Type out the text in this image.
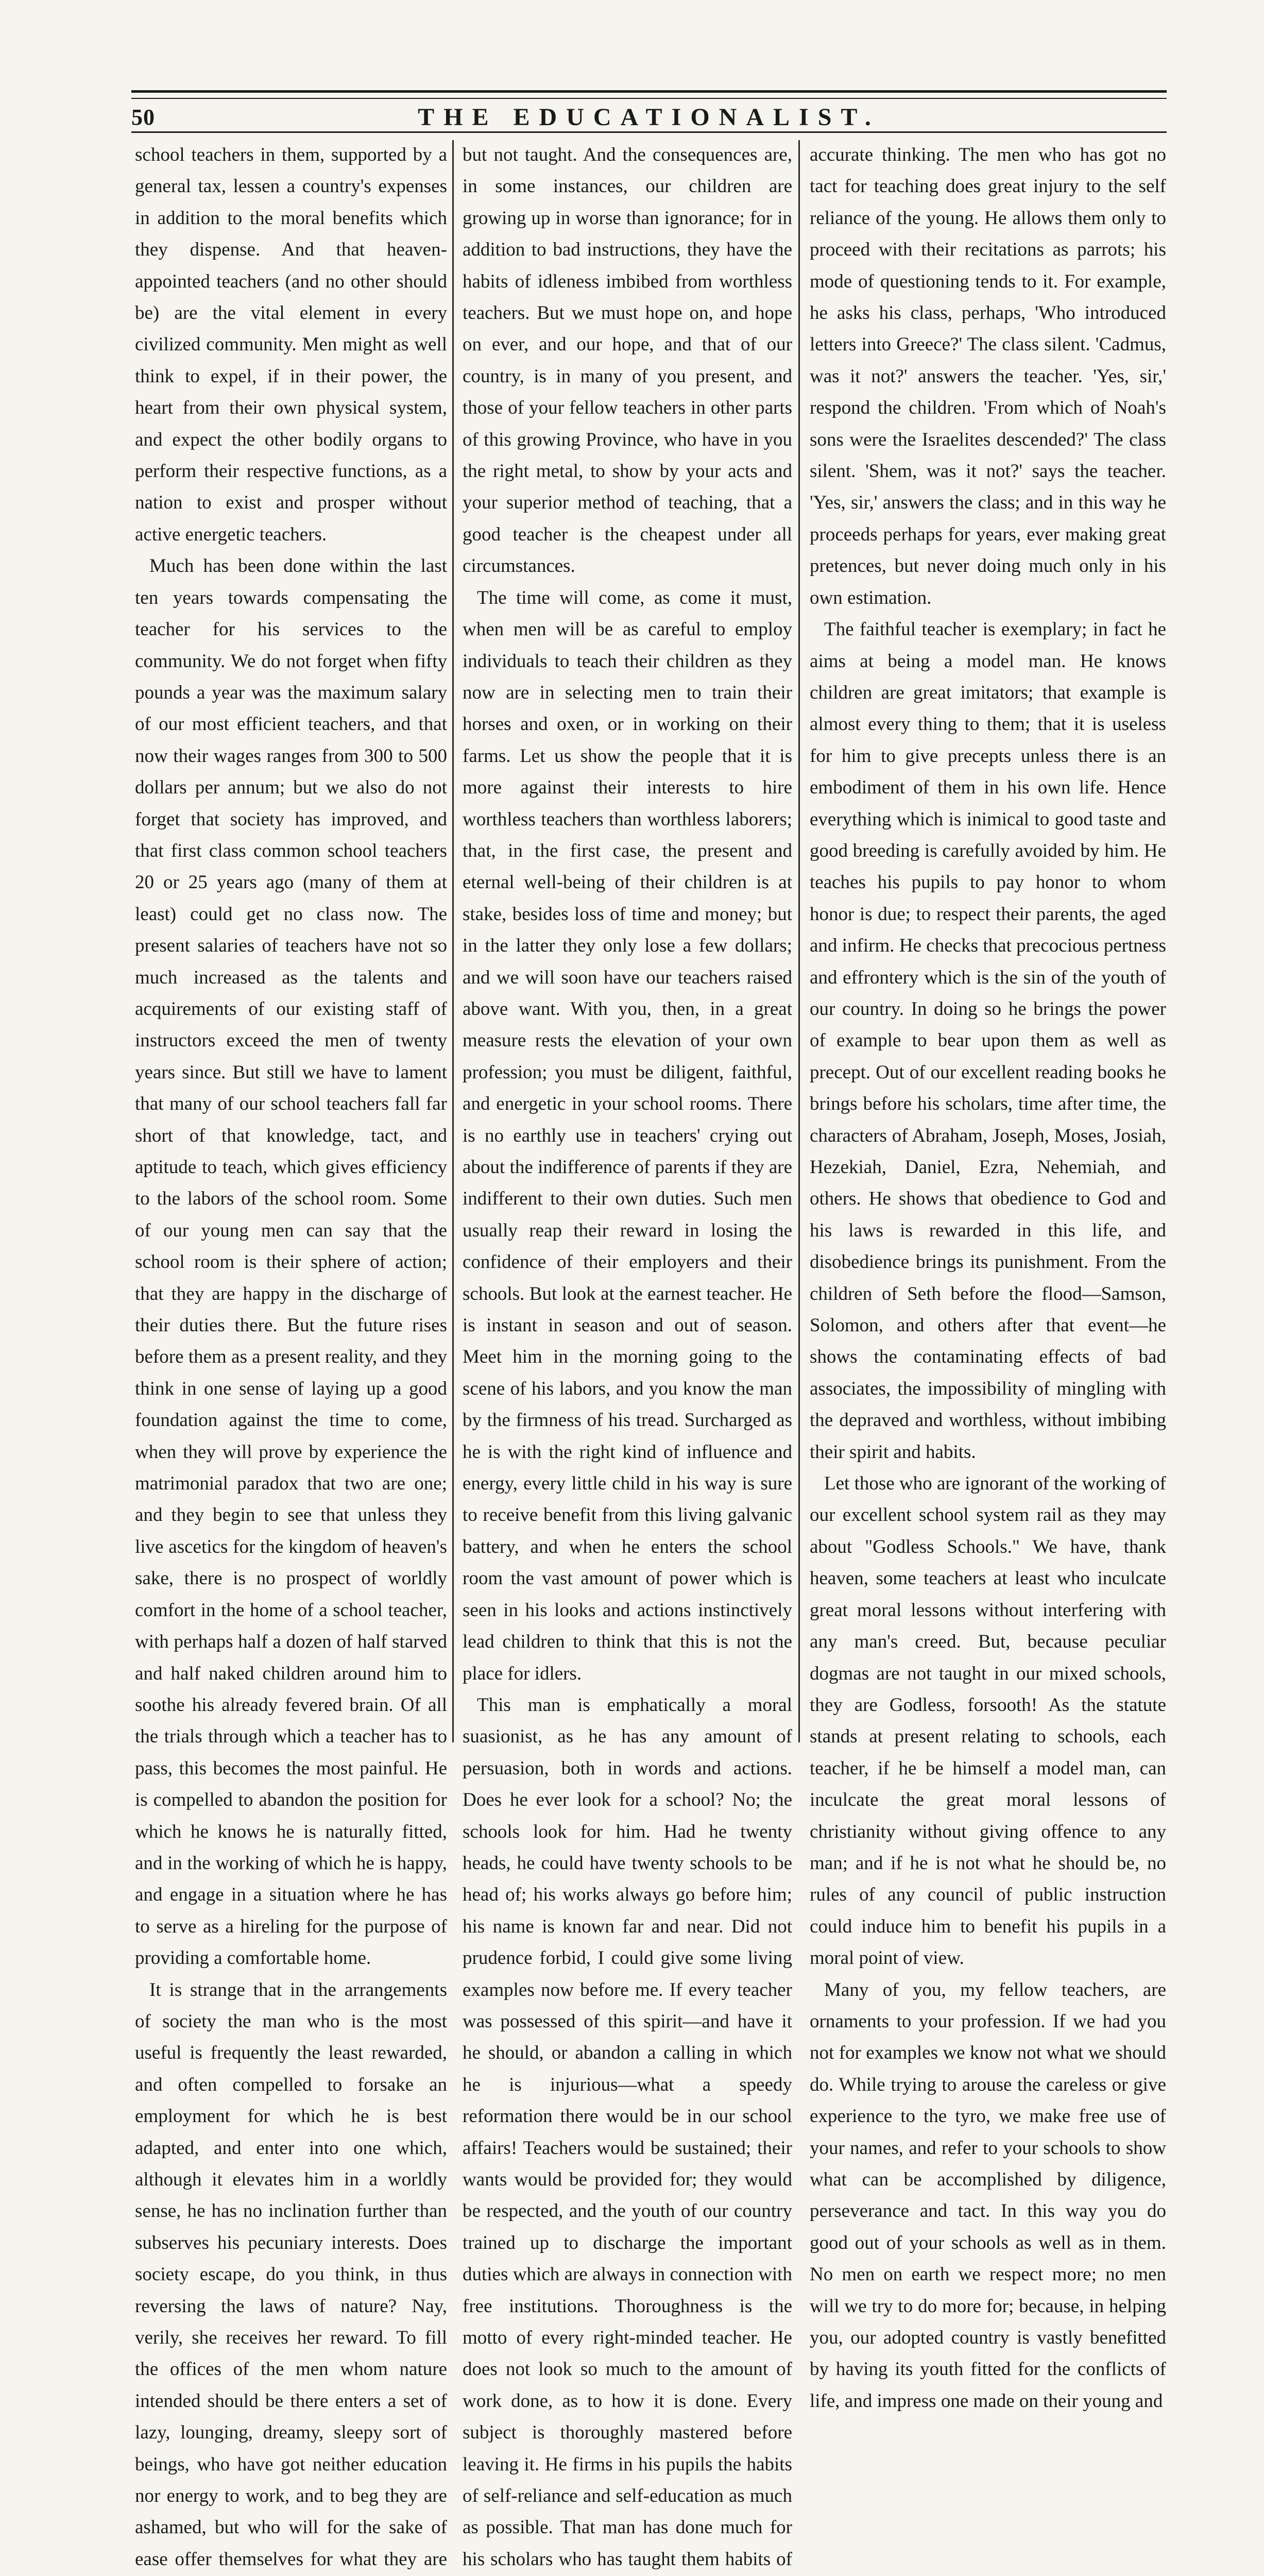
50	THE EDUCATIONALIST.

school teachers in them, supported by a general tax, lessen a country's expenses in addition to the moral benefits which they dispense. And that heaven-appointed teachers (and no other should be) are the vital element in every civilized community. Men might as well think to expel, if in their power, the heart from their own physical system, and expect the other bodily organs to perform their respective functions, as a nation to exist and prosper without active energetic teachers.

Much has been done within the last ten years towards compensating the teacher for his services to the community. We do not forget when fifty pounds a year was the maximum salary of our most efficient teachers, and that now their wages ranges from 300 to 500 dollars per annum; but we also do not forget that society has improved, and that first class common school teachers 20 or 25 years ago (many of them at least) could get no class now. The present salaries of teachers have not so much increased as the talents and acquirements of our existing staff of instructors exceed the men of twenty years since. But still we have to lament that many of our school teachers fall far short of that knowledge, tact, and aptitude to teach, which gives efficiency to the labors of the school room. Some of our young men can say that the school room is their sphere of action; that they are happy in the discharge of their duties there. But the future rises before them as a present reality, and they think in one sense of laying up a good foundation against the time to come, when they will prove by experience the matrimonial paradox that two are one; and they begin to see that unless they live ascetics for the kingdom of heaven's sake, there is no prospect of worldly comfort in the home of a school teacher, with perhaps half a dozen of half starved and half naked children around him to soothe his already fevered brain. Of all the trials through which a teacher has to pass, this becomes the most painful. He is compelled to abandon the position for which he knows he is naturally fitted, and in the working of which he is happy, and engage in a situation where he has to serve as a hireling for the purpose of providing a comfortable home.

It is strange that in the arrangements of society the man who is the most useful is frequently the least rewarded, and often compelled to forsake an employment for which he is best adapted, and enter into one which, although it elevates him in a worldly sense, he has no inclination further than subserves his pecuniary interests. Does society escape, do you think, in thus reversing the laws of nature? Nay, verily, she receives her reward. To fill the offices of the men whom nature intended should be there enters a set of lazy, lounging, dreamy, sleepy sort of beings, who have got neither education nor energy to work, and to beg they are ashamed, but who will for the sake of ease offer themselves for what they are

but not taught. And the consequences are, in some instances, our children are growing up in worse than ignorance; for in addition to bad instructions, they have the habits of idleness imbibed from worthless teachers. But we must hope on, and hope on ever, and our hope, and that of our country, is in many of you present, and those of your fellow teachers in other parts of this growing Province, who have in you the right metal, to show by your acts and your superior method of teaching, that a good teacher is the cheapest under all circumstances.

The time will come, as come it must, when men will be as careful to employ individuals to teach their children as they now are in selecting men to train their horses and oxen, or in working on their farms. Let us show the people that it is more against their interests to hire worthless teachers than worthless laborers; that, in the first case, the present and eternal well-being of their children is at stake, besides loss of time and money; but in the latter they only lose a few dollars; and we will soon have our teachers raised above want. With you, then, in a great measure rests the elevation of your own profession; you must be diligent, faithful, and energetic in your school rooms. There is no earthly use in teachers' crying out about the indifference of parents if they are indifferent to their own duties. Such men usually reap their reward in losing the confidence of their employers and their schools. But look at the earnest teacher. He is instant in season and out of season. Meet him in the morning going to the scene of his labors, and you know the man by the firmness of his tread. Surcharged as he is with the right kind of influence and energy, every little child in his way is sure to receive benefit from this living galvanic battery, and when he enters the school room the vast amount of power which is seen in his looks and actions instinctively lead children to think that this is not the place for idlers.

This man is emphatically a moral suasionist, as he has any amount of persuasion, both in words and actions. Does he ever look for a school? No; the schools look for him. Had he twenty heads, he could have twenty schools to be head of; his works always go before him; his name is known far and near. Did not prudence forbid, I could give some living examples now before me. If every teacher was possessed of this spirit—and have it he should, or abandon a calling in which he is injurious—what a speedy reformation there would be in our school affairs! Teachers would be sustained; their wants would be provided for; they would be respected, and the youth of our country trained up to discharge the important duties which are always in connection with free institutions. Thoroughness is the motto of every right-minded teacher. He does not look so much to the amount of work done, as to how it is done. Every subject is thoroughly mastered before leaving it. He firms in his pupils the habits of self-reliance and self-education as much as possible. That man has done much for his scholars who has taught them habits of

accurate thinking. The men who has got no tact for teaching does great injury to the self reliance of the young. He allows them only to proceed with their recitations as parrots; his mode of questioning tends to it. For example, he asks his class, perhaps, 'Who introduced letters into Greece?' The class silent. 'Cadmus, was it not?' answers the teacher. 'Yes, sir,' respond the children. 'From which of Noah's sons were the Israelites descended?' The class silent. 'Shem, was it not?' says the teacher. 'Yes, sir,' answers the class; and in this way he proceeds perhaps for years, ever making great pretences, but never doing much only in his own estimation.

The faithful teacher is exemplary; in fact he aims at being a model man. He knows children are great imitators; that example is almost every thing to them; that it is useless for him to give precepts unless there is an embodiment of them in his own life. Hence everything which is inimical to good taste and good breeding is carefully avoided by him. He teaches his pupils to pay honor to whom honor is due; to respect their parents, the aged and infirm. He checks that precocious pertness and effrontery which is the sin of the youth of our country. In doing so he brings the power of example to bear upon them as well as precept. Out of our excellent reading books he brings before his scholars, time after time, the characters of Abraham, Joseph, Moses, Josiah, Hezekiah, Daniel, Ezra, Nehemiah, and others. He shows that obedience to God and his laws is rewarded in this life, and disobedience brings its punishment. From the children of Seth before the flood—Samson, Solomon, and others after that event—he shows the contaminating effects of bad associates, the impossibility of mingling with the depraved and worthless, without imbibing their spirit and habits.

Let those who are ignorant of the working of our excellent school system rail as they may about "Godless Schools." We have, thank heaven, some teachers at least who inculcate great moral lessons without interfering with any man's creed. But, because peculiar dogmas are not taught in our mixed schools, they are Godless, forsooth! As the statute stands at present relating to schools, each teacher, if he be himself a model man, can inculcate the great moral lessons of christianity without giving offence to any man; and if he is not what he should be, no rules of any council of public instruction could induce him to benefit his pupils in a moral point of view.

Many of you, my fellow teachers, are ornaments to your profession. If we had you not for examples we know not what we should do. While trying to arouse the careless or give experience to the tyro, we make free use of your names, and refer to your schools to show what can be accomplished by diligence, perseverance and tact. In this way you do good out of your schools as well as in them. No men on earth we respect more; no men will we try to do more for; because, in helping you, our adopted country is vastly benefitted by having its youth fitted for the conflicts of life, and impress one made on their young and
